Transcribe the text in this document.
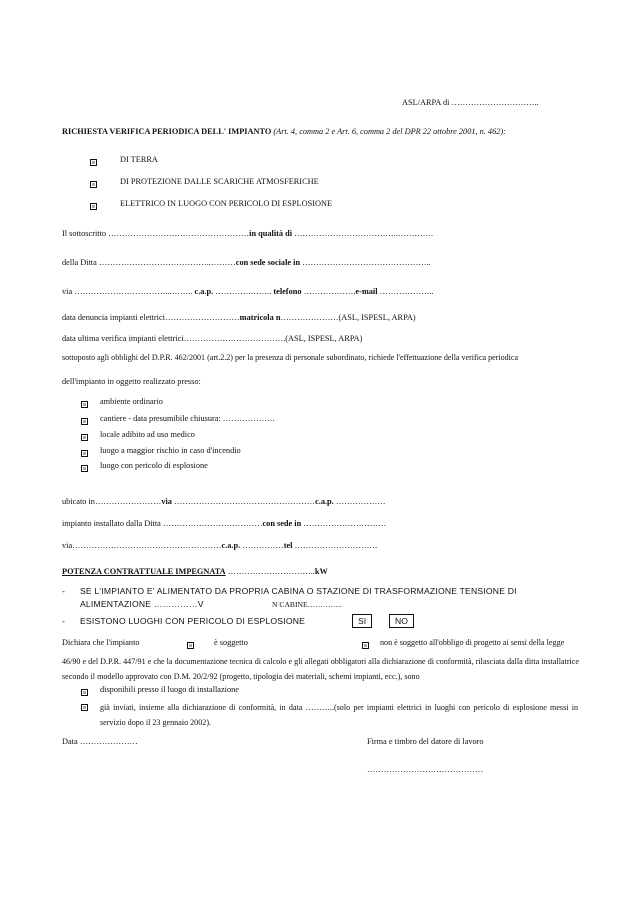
ASL/ARPA di …………………………..
RICHIESTA VERIFICA PERIODICA DELL' IMPIANTO (Art. 4, comma 2 e Art. 6, comma 2 del DPR 22 ottobre 2001, n. 462):
DI TERRA
DI PROTEZIONE DALLE SCARICHE ATMOSFERICHE
ELETTRICO IN LUOGO CON PERICOLO DI ESPLOSIONE
Il sottoscritto ……………………………………………in qualità di ………………………………..………….
della Ditta …………………………………..………con sede sociale in ………………………………………..
via ……………………………...…….. c.a.p. ………….…….. telefono ……………….e-mail ………………..
data denuncia impianti elettrici………………………matricola n…………………(ASL, ISPESL, ARPA)
data ultima verifica impianti elettrici……………………………….(ASL, ISPESL, ARPA)
sottoposto agli obblighi del D.P.R. 462/2001 (art.2.2) per la presenza di personale subordinato, richiede l'effettuazione della verifica periodica
dell'impianto in oggetto realizzato presso:
ambiente ordinario
cantiere - data presumibile chiusura: ……………….
locale adibito ad uso medico
luogo a maggior rischio in caso d'incendio
luogo con pericolo di esplosione
ubicato in……………………via ……………………………………………c.a.p. ………………
impianto installato dalla Ditta ………………………………con sede in …………………………
via………………………………………………c.a.p. ……………tel …………………………
POTENZA CONTRATTUALE IMPEGNATA …………………………..kW
- SE L'IMPIANTO E' ALIMENTATO DA PROPRIA CABINA O STAZIONE DI TRASFORMAZIONE TENSIONE DI
ALIMENTAZIONE ……………V	N CABINE…………..
- ESISTONO LUOGHI CON PERICOLO DI ESPLOSIONE	SI	NO
Dichiara che l'impianto	è soggetto	non è soggetto all'obbligo di progetto ai sensi della legge
46/90 e del D.P.R. 447/91 e che la documentazione tecnica di calcolo e gli allegati obbligatori alla dichiarazione di conformità, rilasciata dalla ditta installatrice secondo il modello approvato con D.M. 20/2/92 (progetto, tipologia dei materiali, schemi impianti, ecc.), sono
disponibili presso il luogo di installazione
già inviati, insieme alla dichiarazione di conformità, in data ………..(solo per impianti elettrici in luoghi con pericolo di esplosione messi in servizio dopo il 23 gennaio 2002).
Data …………………	Firma e timbro del datore di lavoro
……………………………………
